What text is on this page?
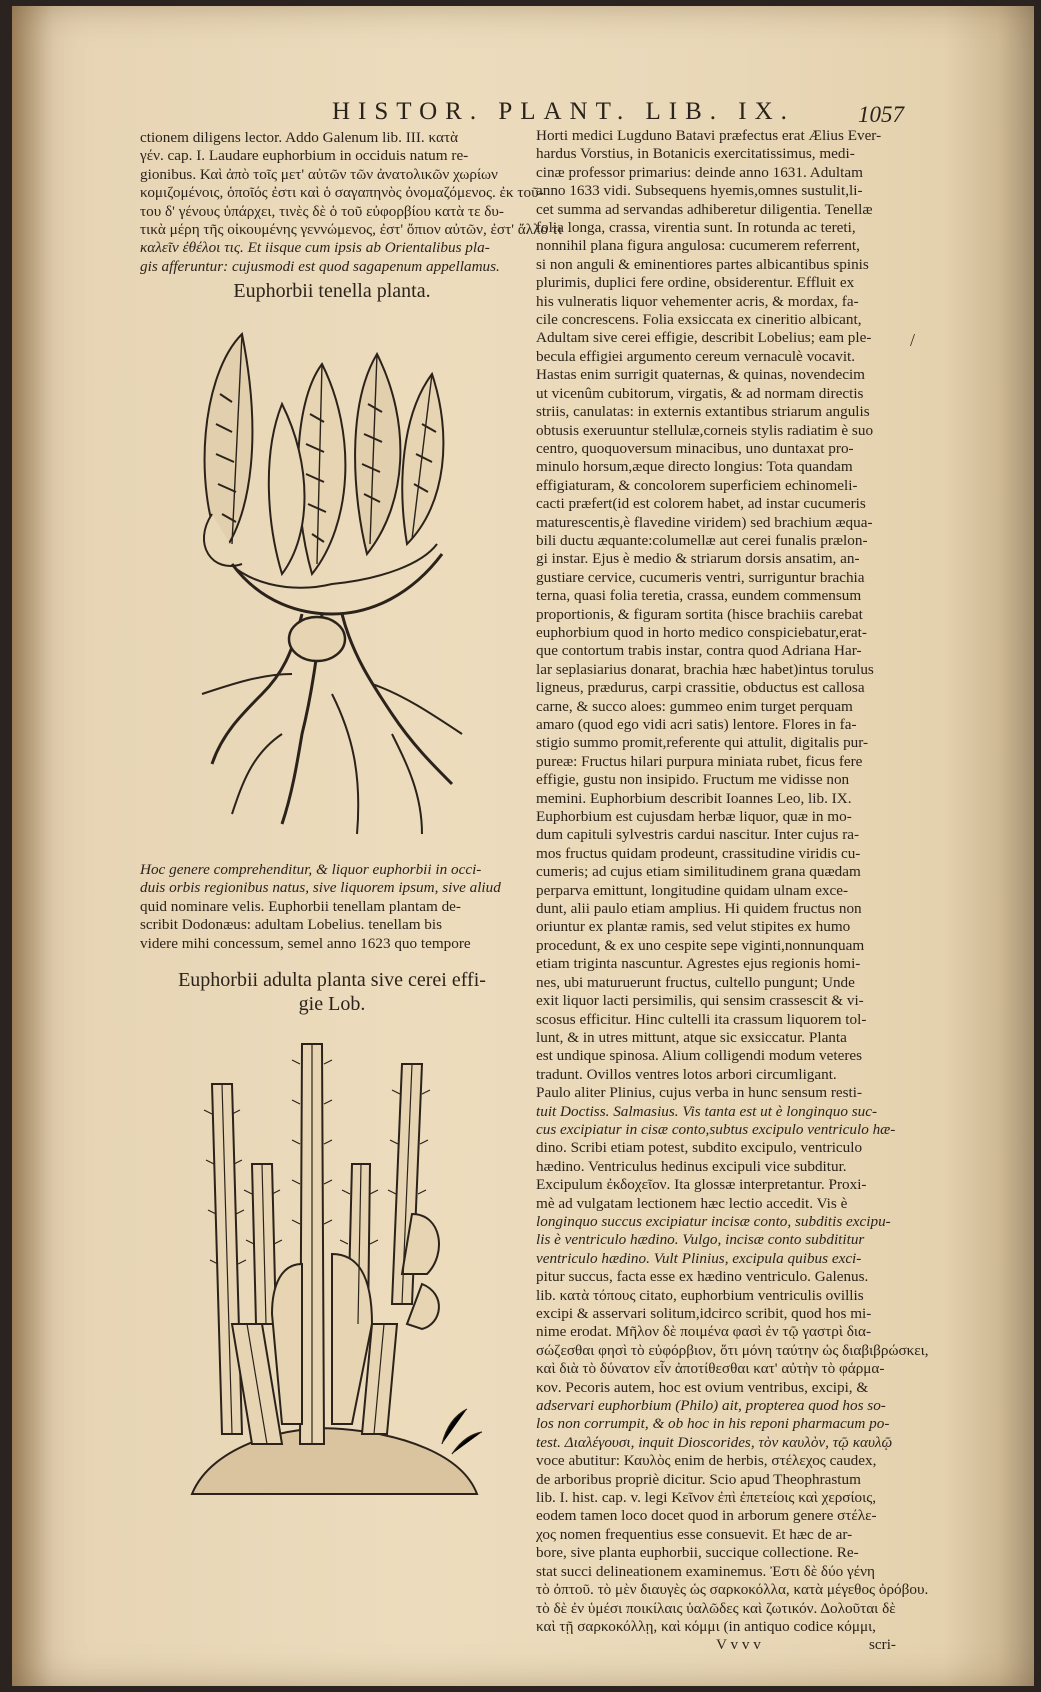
HISTOR. PLANT. LIB. IX.	1057
ctionem diligens lector. Addo Galenum lib. III. κατὰ
γέν. cap. I. Laudare euphorbium in occiduis natum re-
gionibus. Καὶ ἀπὸ τοῖς μετ' αὐτῶν τῶν ἀνατολικῶν χωρίων
κομιζομένοις, ὁποῖός ἐστι καὶ ὁ σαγαπηνὸς ὀνομαζόμενος. ἐκ τοῦ-
του δ' γένους ὑπάρχει, τινὲς δὲ ὁ τοῦ εὐφορβίου κατὰ τε δυ-
τικὰ μέρη τῆς οἰκουμένης γεννώμενος, ἐστ' ὄπιον αὐτῶν, ἐστ' ἄλλο τι
καλεῖν ἐθέλοι τις. Et iisque cum ipsis ab Orientalibus pla-
gis afferuntur: cujusmodi est quod sagapenum appellamus.
Euphorbii tenella planta.
Hoc genere comprehenditur, & liquor euphorbii in occi-
duis orbis regionibus natus, sive liquorem ipsum, sive aliud
quid nominare velis. Euphorbii tenellam plantam de-
scribit Dodonæus: adultam Lobelius. tenellam bis
videre mihi concessum, semel anno 1623 quo tempore
Euphorbii adulta planta sive cerei effi-
gie Lob.
Horti medici Lugduno Batavi præfectus erat Ælius Ever-
hardus Vorstius, in Botanicis exercitatissimus, medi-
cinæ professor primarius: deinde anno 1631. Adultam
anno 1633 vidi. Subsequens hyemis,omnes sustulit,li-
cet summa ad servandas adhiberetur diligentia. Tenellæ
folia longa, crassa, virentia sunt. In rotunda ac tereti,
nonnihil plana figura angulosa: cucumerem referrent,
si non anguli & eminentiores partes albicantibus spinis
plurimis, duplici fere ordine, obsiderentur. Effluit ex
his vulneratis liquor vehementer acris, & mordax, fa-
cile concrescens. Folia exsiccata ex cineritio albicant,
Adultam sive cerei effigie, describit Lobelius; eam ple-
becula effigiei argumento cereum vernaculè vocavit.
Hastas enim surrigit quaternas, & quinas, novendecim
ut vicenûm cubitorum, virgatis, & ad normam directis
striis, canulatas: in externis extantibus striarum angulis
obtusis exeruuntur stellulæ,corneis stylis radiatim è suo
centro, quoquoversum minacibus, uno duntaxat pro-
minulo horsum,æque directo longius: Tota quandam
effigiaturam, & concolorem superficiem echinomeli-
cacti præfert(id est colorem habet, ad instar cucumeris
maturescentis,è flavedine viridem) sed brachium æqua-
bili ductu æquante:columellæ aut cerei funalis prælon-
gi instar. Ejus è medio & striarum dorsis ansatim, an-
gustiare cervice, cucumeris ventri, surriguntur brachia
terna, quasi folia teretia, crassa, eundem commensum
proportionis, & figuram sortita (hisce brachiis carebat
euphorbium quod in horto medico conspiciebatur,erat-
que contortum trabis instar, contra quod Adriana Har-
lar seplasiarius donarat, brachia hæc habet)intus torulus
ligneus, prædurus, carpi crassitie, obductus est callosa
carne, & succo aloes: gummeo enim turget perquam
amaro (quod ego vidi acri satis) lentore. Flores in fa-
stigio summo promit,referente qui attulit, digitalis pur-
pureæ: Fructus hilari purpura miniata rubet, ficus fere
effigie, gustu non insipido. Fructum me vidisse non
memini. Euphorbium describit Ioannes Leo, lib. IX.
Euphorbium est cujusdam herbæ liquor, quæ in mo-
dum capituli sylvestris cardui nascitur. Inter cujus ra-
mos fructus quidam prodeunt, crassitudine viridis cu-
cumeris; ad cujus etiam similitudinem grana quædam
perparva emittunt, longitudine quidam ulnam exce-
dunt, alii paulo etiam amplius. Hi quidem fructus non
oriuntur ex plantæ ramis, sed velut stipites ex humo
procedunt, & ex uno cespite sepe viginti,nonnunquam
etiam triginta nascuntur. Agrestes ejus regionis homi-
nes, ubi maturuerunt fructus, cultello pungunt; Unde
exit liquor lacti persimilis, qui sensim crassescit & vi-
scosus efficitur. Hinc cultelli ita crassum liquorem tol-
lunt, & in utres mittunt, atque sic exsiccatur. Planta
est undique spinosa. Alium colligendi modum veteres
tradunt. Ovillos ventres lotos arbori circumligant.
Paulo aliter Plinius, cujus verba in hunc sensum resti-
tuit Doctiss. Salmasius. Vis tanta est ut è longinquo suc-
cus excipiatur in cisæ conto,subtus excipulo ventriculo hæ-
dino. Scribi etiam potest, subdito excipulo, ventriculo
hædino. Ventriculus hedinus excipuli vice subditur.
Excipulum ἐκδοχεῖον. Ita glossæ interpretantur. Proxi-
mè ad vulgatam lectionem hæc lectio accedit. Vis è
longinquo succus excipiatur incisæ conto, subditis excipu-
lis è ventriculo hædino. Vulgo, incisæ conto subdititur
ventriculo hædino. Vult Plinius, excipula quibus exci-
pitur succus, facta esse ex hædino ventriculo. Galenus.
lib. κατὰ τόπους citato, euphorbium ventriculis ovillis
excipi & asservari solitum,idcirco scribit, quod hos mi-
nime erodat. Μῆλον δὲ ποιμένα φασὶ ἐν τῷ γαστρὶ δια-
σώζεσθαι φησὶ τὸ εὐφόρβιον, ὅτι μόνη ταύτην ὡς διαβιβρώσκει,
καὶ διὰ τὸ δύνατον εἶν ἀποτίθεσθαι κατ' αὐτὴν τὸ φάρμα-
κον. Pecoris autem, hoc est ovium ventribus, excipi, &
adservari euphorbium (Philo) ait, propterea quod hos so-
los non corrumpit, & ob hoc in his reponi pharmacum po-
test. Διαλέγουσι, inquit Dioscorides, τὸν καυλὸν, τῷ καυλῷ
voce abutitur: Καυλὸς enim de herbis, στέλεχος caudex,
de arboribus propriè dicitur. Scio apud Theophrastum
lib. I. hist. cap. v. legi Κεῖνον ἐπὶ ἐπετείοις καὶ χερσίοις,
eodem tamen loco docet quod in arborum genere στέλε-
χος nomen frequentius esse consuevit. Et hæc de ar-
bore, sive planta euphorbii, succique collectione. Re-
stat succi delineationem examinemus. Ἐστι δὲ δύο γένη
τὸ ὀπτοῦ. τὸ μὲν διαυγὲς ὡς σαρκοκόλλα, κατὰ μέγεθος ὀρόβου.
τὸ δὲ ἐν ὑμέσι ποικίλαις ὑαλῶδες καὶ ζωτικόν. Δολοῦται δὲ
καὶ τῇ σαρκοκόλλῃ, καὶ κόμμι (in antiquo codice κόμμι,
V v v v	scri-
/
